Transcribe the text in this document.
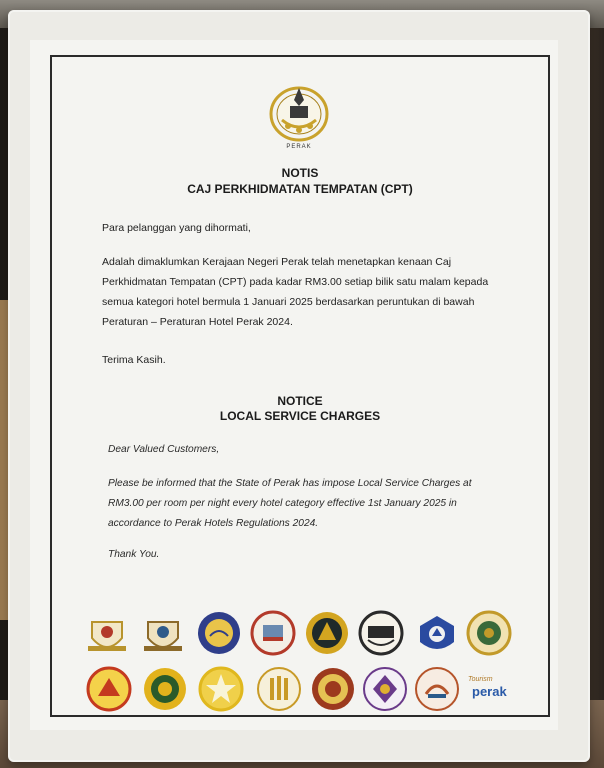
PERAK
NOTIS
CAJ PERKHIDMATAN TEMPATAN (CPT)
Para pelanggan yang dihormati,
Adalah dimaklumkan Kerajaan Negeri Perak telah menetapkan kenaan Caj Perkhidmatan Tempatan (CPT) pada kadar RM3.00 setiap bilik satu malam kepada semua kategori hotel bermula 1 Januari 2025 berdasarkan peruntukan di bawah Peraturan – Peraturan Hotel Perak 2024.
Terima Kasih.
NOTICE
LOCAL SERVICE CHARGES
Dear Valued Customers,
Please be informed that the State of Perak has impose Local Service Charges at RM3.00 per room per night every hotel category effective 1st January 2025 in accordance to Perak Hotels Regulations 2024.
Thank You.
Tourism
perak
